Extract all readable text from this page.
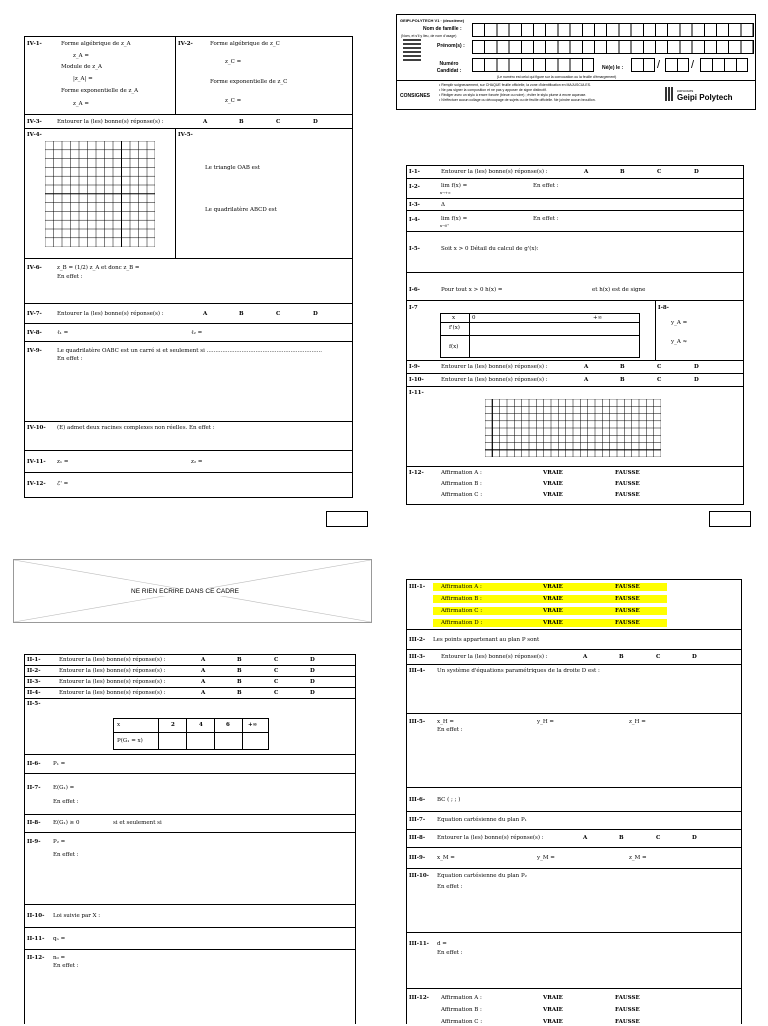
IV-1-	Forme algébrique de z_A
z_A =
Module de z_A
|z_A| =
Forme exponentielle de z_A
z_A =
IV-2-	Forme algébrique de z_C
z_C =
Forme exponentielle de z_C
z_C =
IV-3-	Entourer la (les) bonne(s) réponse(s) :	A	B	C	D
IV-4-	IV-5-
Le triangle OAB est
Le quadrilatère ABCD est
IV-6-	z_B = (1/2) z_A et donc z_B =
En effet :
IV-7-	Entourer la (les) bonne(s) réponse(s) :	A	B	C	D
IV-8-	ℓ₁ =	ℓ₂ =
IV-9-	Le quadrilatère OABC est un carré si et seulement si ..................................................................
En effet :
IV-10- (E) admet deux racines complexes non réelles. En effet :
IV-11- z₁ =	z₂ =
IV-12- ℰ' =
GEIPI-POLYTECH V1 · (deuxième)
Nom de famille :
(Nom, et s'il y lieu, de nom d'usage)
Prénom(s) :
Numéro Candidat :	Né(e) le :	/	/
(Le numéro est celui qui figure sur la convocation ou la feuille d'émargement)
CONSIGNES
• Remplir soigneusement, sur CHAQUE feuille officielle, la zone d'identification en MAJUSCULES.
• Ne pas signer la composition et ne pas y apposer de signe distinctif.
• Rédiger avec un stylo à encre foncée (bleue ou noire) ; éviter le stylo plume à encre aqueuse.
• N'effectuer aucun collage ou découpage de sujets ou de feuille officielle. Ne joindre aucun brouillon.
concours
Geipi Polytech
I-1-	Entourer la (les) bonne(s) réponse(s) :	A	B	C	D
I-2-	lim f(x) =
x→+∞
En effet :
I-3-	Δ
I-4-	lim f(x) =
x→0⁺
En effet :
I-5-	Soit x > 0 Détail du calcul de g'(x):
I-6-	Pour tout x > 0 h(x) =	et h(x) est de signe
I-7
x	0	+∞
f'(x)
f(x)
I-8-
y_A =
y_A ≈
I-9-	Entourer la (les) bonne(s) réponse(s) :	A	B	C	D
I-10-	Entourer la (les) bonne(s) réponse(s) :	A	B	C	D
I-11-
I-12-	Affirmation A :	VRAIE	FAUSSE
Affirmation B :	VRAIE	FAUSSE
Affirmation C :	VRAIE	FAUSSE
NE RIEN ECRIRE DANS CE CADRE
II-1-	Entourer la (les) bonne(s) réponse(s) :	A	B	C	D
II-2-	Entourer la (les) bonne(s) réponse(s) :	A	B	C	D
II-3-	Entourer la (les) bonne(s) réponse(s) :	A	B	C	D
II-4-	Entourer la (les) bonne(s) réponse(s) :	A	B	C	D
II-5-
x	2	4	6	+∞
P(G₁ = x)
II-6- P₁ =
II-7- E(G₁) =
En effet :
II-8- E(G₁) ≥ 0	si et seulement si
II-9- P₂ =
En effet :
II-10- Loi suivie par X :
II-11- qₙ =
II-12- n₀ =
En effet :
III-1-	Affirmation A :	VRAIE	FAUSSE
Affirmation B :	VRAIE	FAUSSE
Affirmation C :	VRAIE	FAUSSE
Affirmation D :	VRAIE	FAUSSE
III-2- Les points appartenant au plan P sont
III-3-	Entourer la (les) bonne(s) réponse(s) :	A	B	C	D
III-4- Un système d'équations paramétriques de la droite D est :
III-5- x_H =	y_H =	z_H =
En effet :
III-6- BC ( ; ; )
III-7- Equation cartésienne du plan P₁
III-8- Entourer la (les) bonne(s) réponse(s) :	A	B	C	D
III-9- x_M =	y_M =	z_M =
III-10- Equation cartésienne du plan P₂
En effet :
III-11- d =
En effet :
III-12- Affirmation A :	VRAIE	FAUSSE
Affirmation B :	VRAIE	FAUSSE
Affirmation C :	VRAIE	FAUSSE
